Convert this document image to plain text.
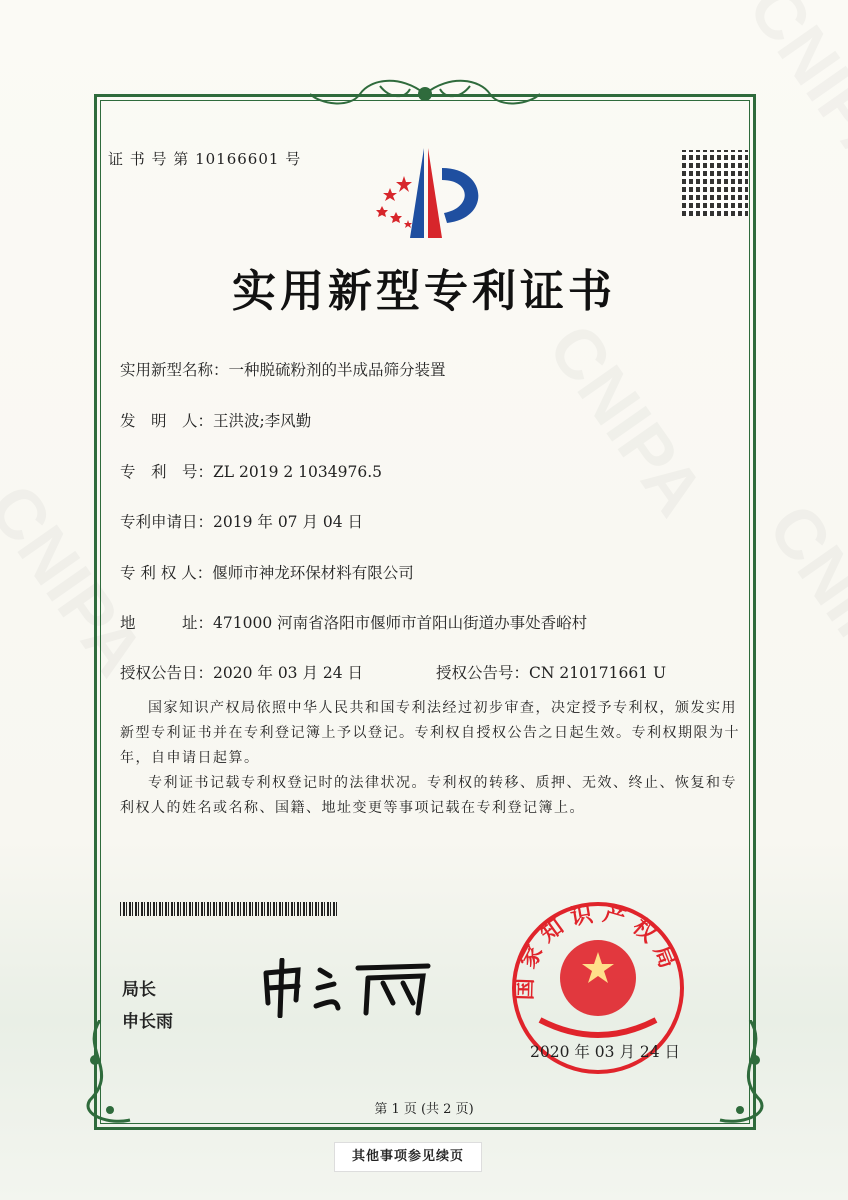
证 书 号 第 10166601 号
实用新型专利证书
实用新型名称：一种脱硫粉剂的半成品筛分装置
发　明　人：王洪波;李风勤
专　利　号：ZL 2019 2 1034976.5
专利申请日：2019 年 07 月 04 日
专 利 权 人：偃师市神龙环保材料有限公司
地　　　址：471000 河南省洛阳市偃师市首阳山街道办事处香峪村
授权公告日：2020 年 03 月 24 日	授权公告号：CN 210171661 U

国家知识产权局依照中华人民共和国专利法经过初步审查，决定授予专利权，颁发实用新型专利证书并在专利登记簿上予以登记。专利权自授权公告之日起生效。专利权期限为十年，自申请日起算。

专利证书记载专利权登记时的法律状况。专利权的转移、质押、无效、终止、恢复和专利权人的姓名或名称、国籍、地址变更等事项记载在专利登记簿上。

局长
申长雨
国家知识产权局
2020 年 03 月 24 日
第 1 页 (共 2 页)
其他事项参见续页
